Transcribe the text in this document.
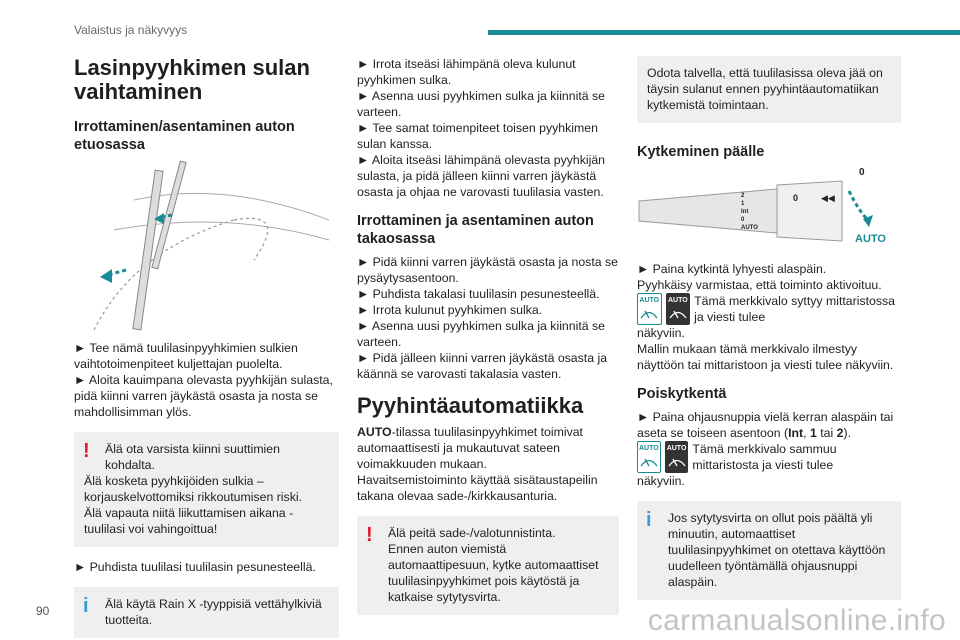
Valaistus ja näkyvyys
Lasinpyyhkimen sulan vaihtaminen
Irrottaminen/asentaminen auton etuosassa

► Tee nämä tuulilasinpyyhkimien sulkien vaihtotoimenpiteet kuljettajan puolelta.

► Aloita kauimpana olevasta pyyhkijän sulasta, pidä kiinni varren jäykästä osasta ja nosta se mahdollisimman ylös.

!	Älä ota varsista kiinni suuttimien kohdalta.
Älä kosketa pyyhkijöiden sulkia – korjauskelvottomiksi rikkoutumisen riski.
Älä vapauta niitä liikuttamisen aikana - tuulilasi voi vahingoittua!

► Puhdista tuulilasi tuulilasin pesunesteellä.

i	Älä käytä Rain X -tyyppisiä vettähylkiviä tuotteita.

► Irrota itseäsi lähimpänä oleva kulunut pyyhkimen sulka.

► Asenna uusi pyyhkimen sulka ja kiinnitä se varteen.

► Tee samat toimenpiteet toisen pyyhkimen sulan kanssa.

► Aloita itseäsi lähimpänä olevasta pyyhkijän sulasta, ja pidä jälleen kiinni varren jäykästä osasta ja ohjaa ne varovasti tuulilasia vasten.

Irrottaminen ja asentaminen auton takaosassa

► Pidä kiinni varren jäykästä osasta ja nosta se pysäytysasentoon.

► Puhdista takalasi tuulilasin pesunesteellä.

► Irrota kulunut pyyhkimen sulka.

► Asenna uusi pyyhkimen sulka ja kiinnitä se varteen.

► Pidä jälleen kiinni varren jäykästä osasta ja käännä se varovasti takalasia vasten.

Pyyhintäautomatiikka

AUTO-tilassa tuulilasinpyyhkimet toimivat automaattisesti ja mukautuvat sateen voimakkuuden mukaan.

Havaitsemistoiminto käyttää sisätaustapeilin takana olevaa sade-/kirkkausanturia.

!	Älä peitä sade-/valotunnistinta.
Ennen auton viemistä automaattipesuun, kytke automaattiset tuulilasinpyyhkimet pois käytöstä ja katkaise sytytysvirta.
Odota talvella, että tuulilasissa oleva jää on täysin sulanut ennen pyyhintäautomatiikan kytkemistä toimintaan.
Kytkeminen päälle
0
AUTO
2
1
Int
0
AUTO
0	◀◀

► Paina kytkintä lyhyesti alaspäin.

Pyyhkäisy varmistaa, että toiminto aktivoituu.

AUTO AUTO Tämä merkkivalo syttyy mittaristossa ja viesti tulee

näkyviin.

Mallin mukaan tämä merkkivalo ilmestyy näyttöön tai mittaristoon ja viesti tulee näkyviin.

Poiskytkentä

► Paina ohjausnuppia vielä kerran alaspäin tai aseta se toiseen asentoon (Int, 1 tai 2).

AUTO AUTO Tämä merkkivalo sammuu mittaristosta ja viesti tulee

näkyviin.

i	Jos sytytysvirta on ollut pois päältä yli minuutin, automaattiset tuulilasinpyyhkimet on otettava käyttöön uudelleen työntämällä ohjausnuppi alaspäin.
90	carmanualsonline.info
